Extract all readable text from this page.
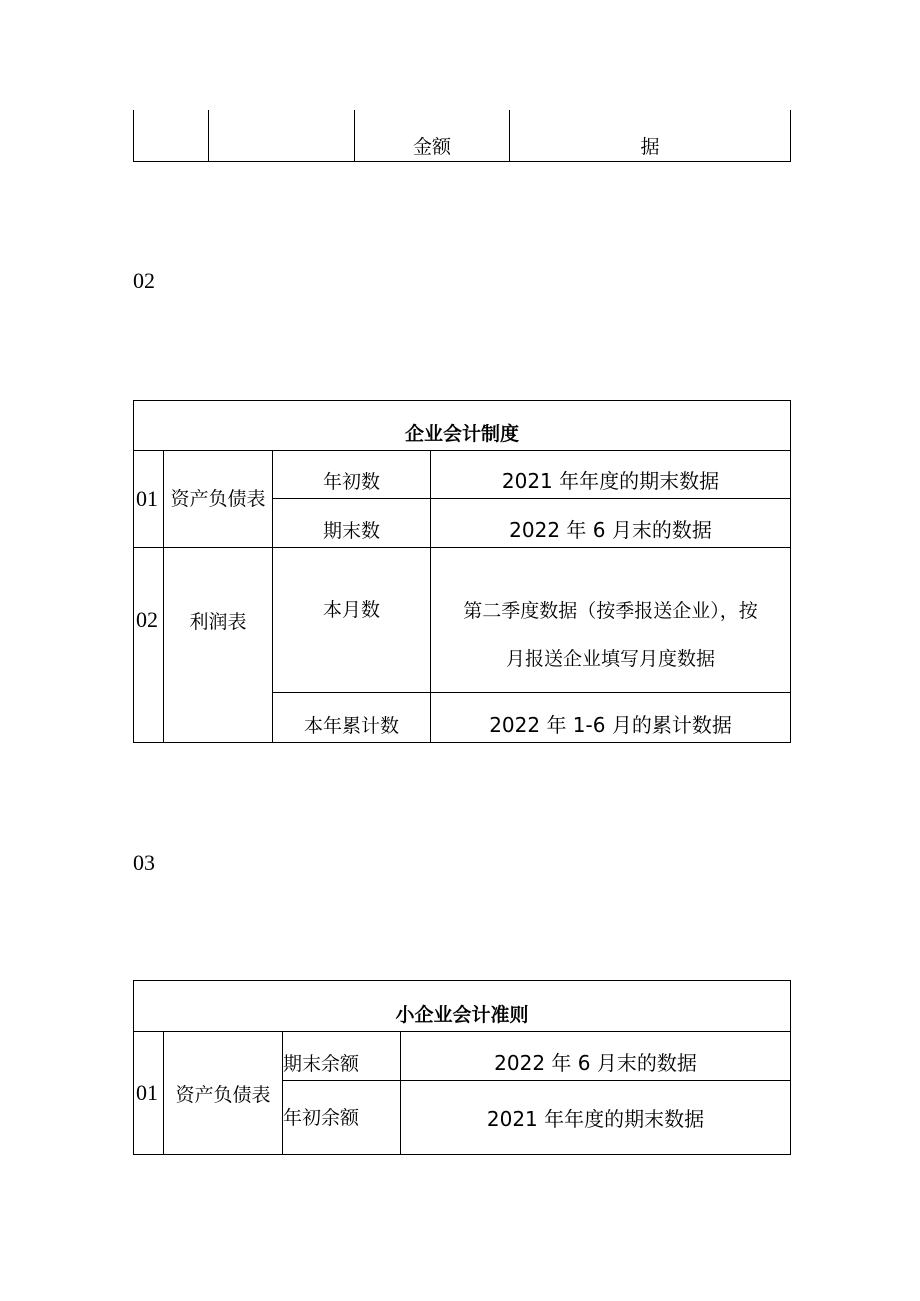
		金额	据
02
企业会计制度			
01	资产负债表	年初数	2021 年年度的期末数据
		期末数	2022 年 6 月末的数据
02	利润表	本月数	第二季度数据（按季报送企业），按
月报送企业填写月度数据

		本年累计数	2022 年 1-6 月的累计数据
03
小企业会计准则			
01	资产负债表	期末余额	2022 年 6 月末的数据
		年初余额	2021 年年度的期末数据
